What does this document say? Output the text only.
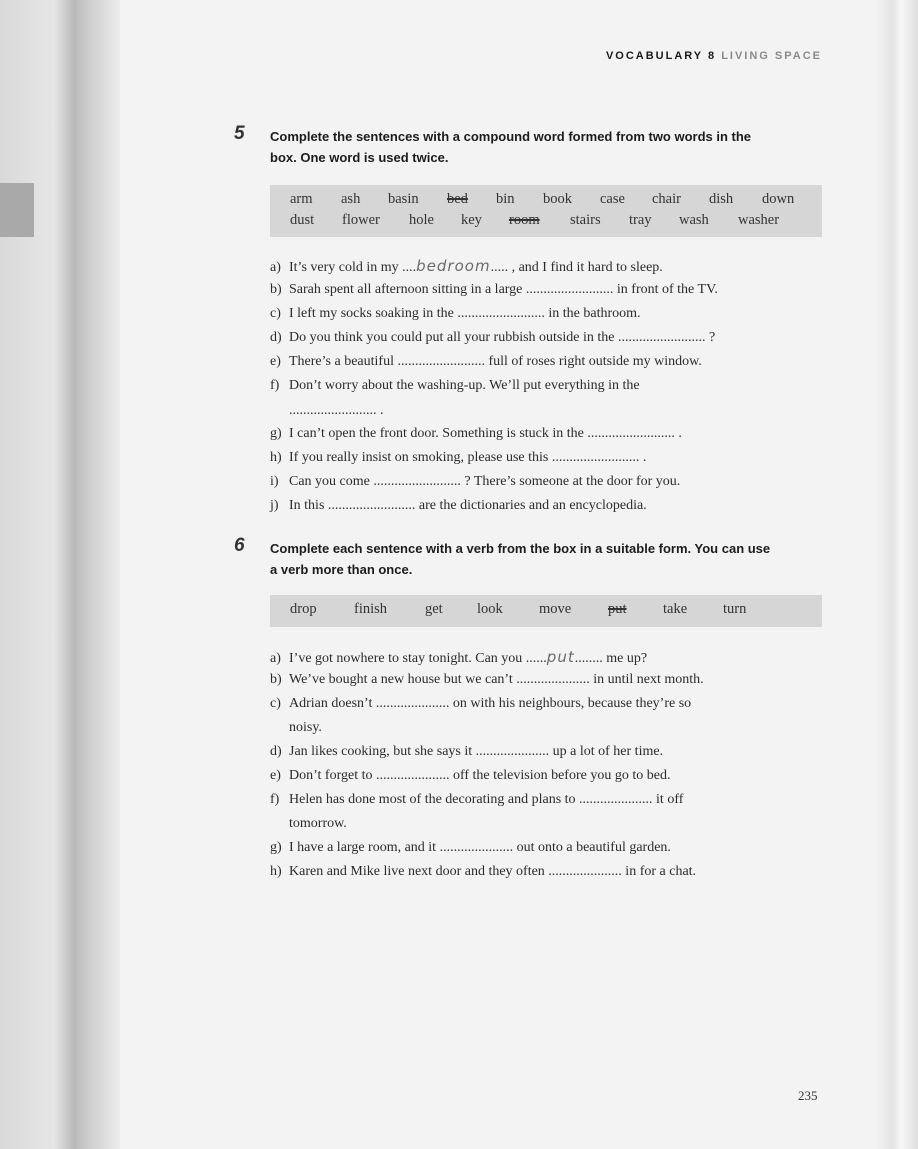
VOCABULARY 8 LIVING SPACE
5 Complete the sentences with a compound word formed from two words in the
box. One word is used twice.
arm ash basin bed bin book case chair dish down
dust flower hole key room stairs tray wash washer
a) It’s very cold in my ....bedroom..... , and I find it hard to sleep.
b) Sarah spent all afternoon sitting in a large ......................... in front of the TV.
c) I left my socks soaking in the ......................... in the bathroom.
d) Do you think you could put all your rubbish outside in the ......................... ?
e) There’s a beautiful ......................... full of roses right outside my window.
f) Don’t worry about the washing-up. We’ll put everything in the
......................... .
g) I can’t open the front door. Something is stuck in the ......................... .
h) If you really insist on smoking, please use this ......................... .
i) Can you come ......................... ? There’s someone at the door for you.
j) In this ......................... are the dictionaries and an encyclopedia.
6 Complete each sentence with a verb from the box in a suitable form. You can use
a verb more than once.
drop	finish	get look move	put	take turn
a) I’ve got nowhere to stay tonight. Can you ......put........ me up?
b) We’ve bought a new house but we can’t ..................... in until next month.
c) Adrian doesn’t ..................... on with his neighbours, because they’re so
noisy.
d) Jan likes cooking, but she says it ..................... up a lot of her time.
e) Don’t forget to ..................... off the television before you go to bed.
f) Helen has done most of the decorating and plans to ..................... it off
tomorrow.
g) I have a large room, and it ..................... out onto a beautiful garden.
h) Karen and Mike live next door and they often ..................... in for a chat.
235
